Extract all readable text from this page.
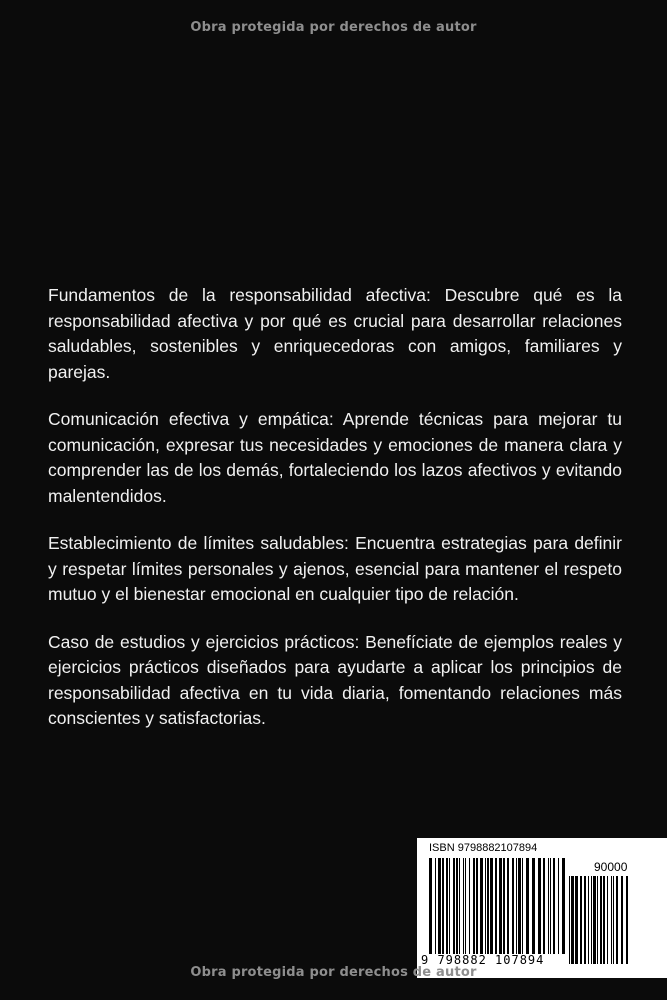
Obra protegida por derechos de autor

Fundamentos de la responsabilidad afectiva: Descubre qué es la responsabilidad afectiva y por qué es crucial para desarrollar relaciones saludables, sostenibles y enriquecedoras con amigos, familiares y parejas.

Comunicación efectiva y empática: Aprende técnicas para mejorar tu comunicación, expresar tus necesidades y emociones de manera clara y comprender las de los demás, fortaleciendo los lazos afectivos y evitando malentendidos.

Establecimiento de límites saludables: Encuentra estrategias para definir y respetar límites personales y ajenos, esencial para mantener el respeto mutuo y el bienestar emocional en cualquier tipo de relación.

Caso de estudios y ejercicios prácticos: Benefíciate de ejemplos reales y ejercicios prácticos diseñados para ayudarte a aplicar los principios de responsabilidad afectiva en tu vida diaria, fomentando relaciones más conscientes y satisfactorias.

ISBN 9798882107894
90000
9 798882 107894
Obra protegida por derechos de autor
